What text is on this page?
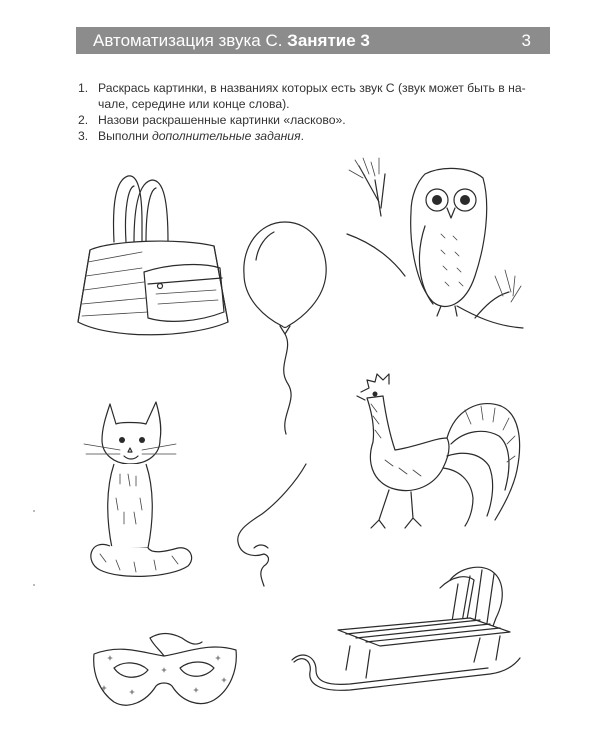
Автоматизация звука С. Занятие 3	3
1. Раскрась картинки, в названиях которых есть звук С (звук может быть в на-
чале, середине или конце слова).
2. Назови раскрашенные картинки «ласково».
3. Выполни дополнительные задания.
